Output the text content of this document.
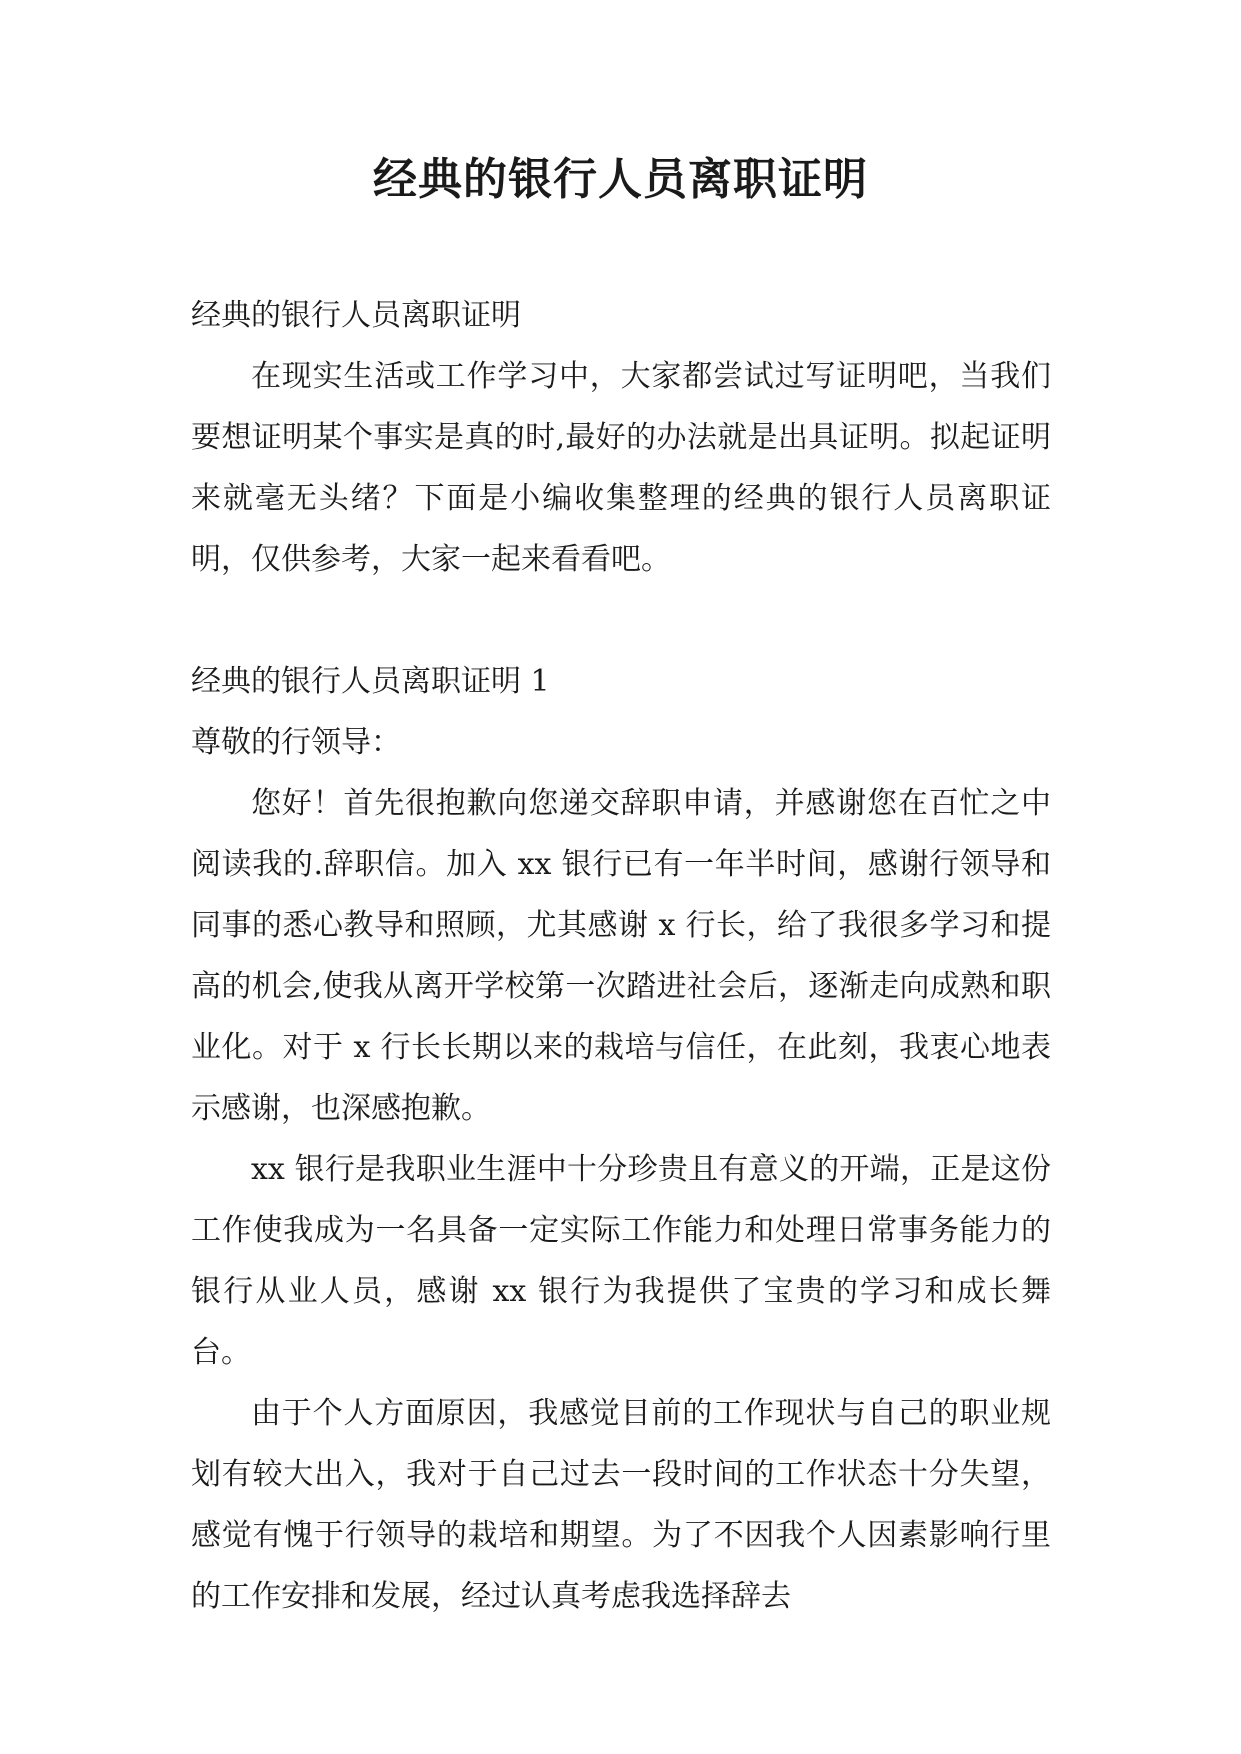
经典的银行人员离职证明

经典的银行人员离职证明

在现实生活或工作学习中，大家都尝试过写证明吧，当我们要想证明某个事实是真的时,最好的办法就是出具证明。拟起证明来就毫无头绪？下面是小编收集整理的经典的银行人员离职证明，仅供参考，大家一起来看看吧。

经典的银行人员离职证明 1

尊敬的行领导：

您好！首先很抱歉向您递交辞职申请，并感谢您在百忙之中阅读我的.辞职信。加入 xx 银行已有一年半时间，感谢行领导和同事的悉心教导和照顾，尤其感谢 x 行长，给了我很多学习和提高的机会,使我从离开学校第一次踏进社会后，逐渐走向成熟和职业化。对于 x 行长长期以来的栽培与信任，在此刻，我衷心地表示感谢，也深感抱歉。

xx 银行是我职业生涯中十分珍贵且有意义的开端，正是这份工作使我成为一名具备一定实际工作能力和处理日常事务能力的银行从业人员，感谢 xx 银行为我提供了宝贵的学习和成长舞台。

由于个人方面原因，我感觉目前的工作现状与自己的职业规划有较大出入，我对于自己过去一段时间的工作状态十分失望，感觉有愧于行领导的栽培和期望。为了不因我个人因素影响行里的工作安排和发展，经过认真考虑我选择辞去
